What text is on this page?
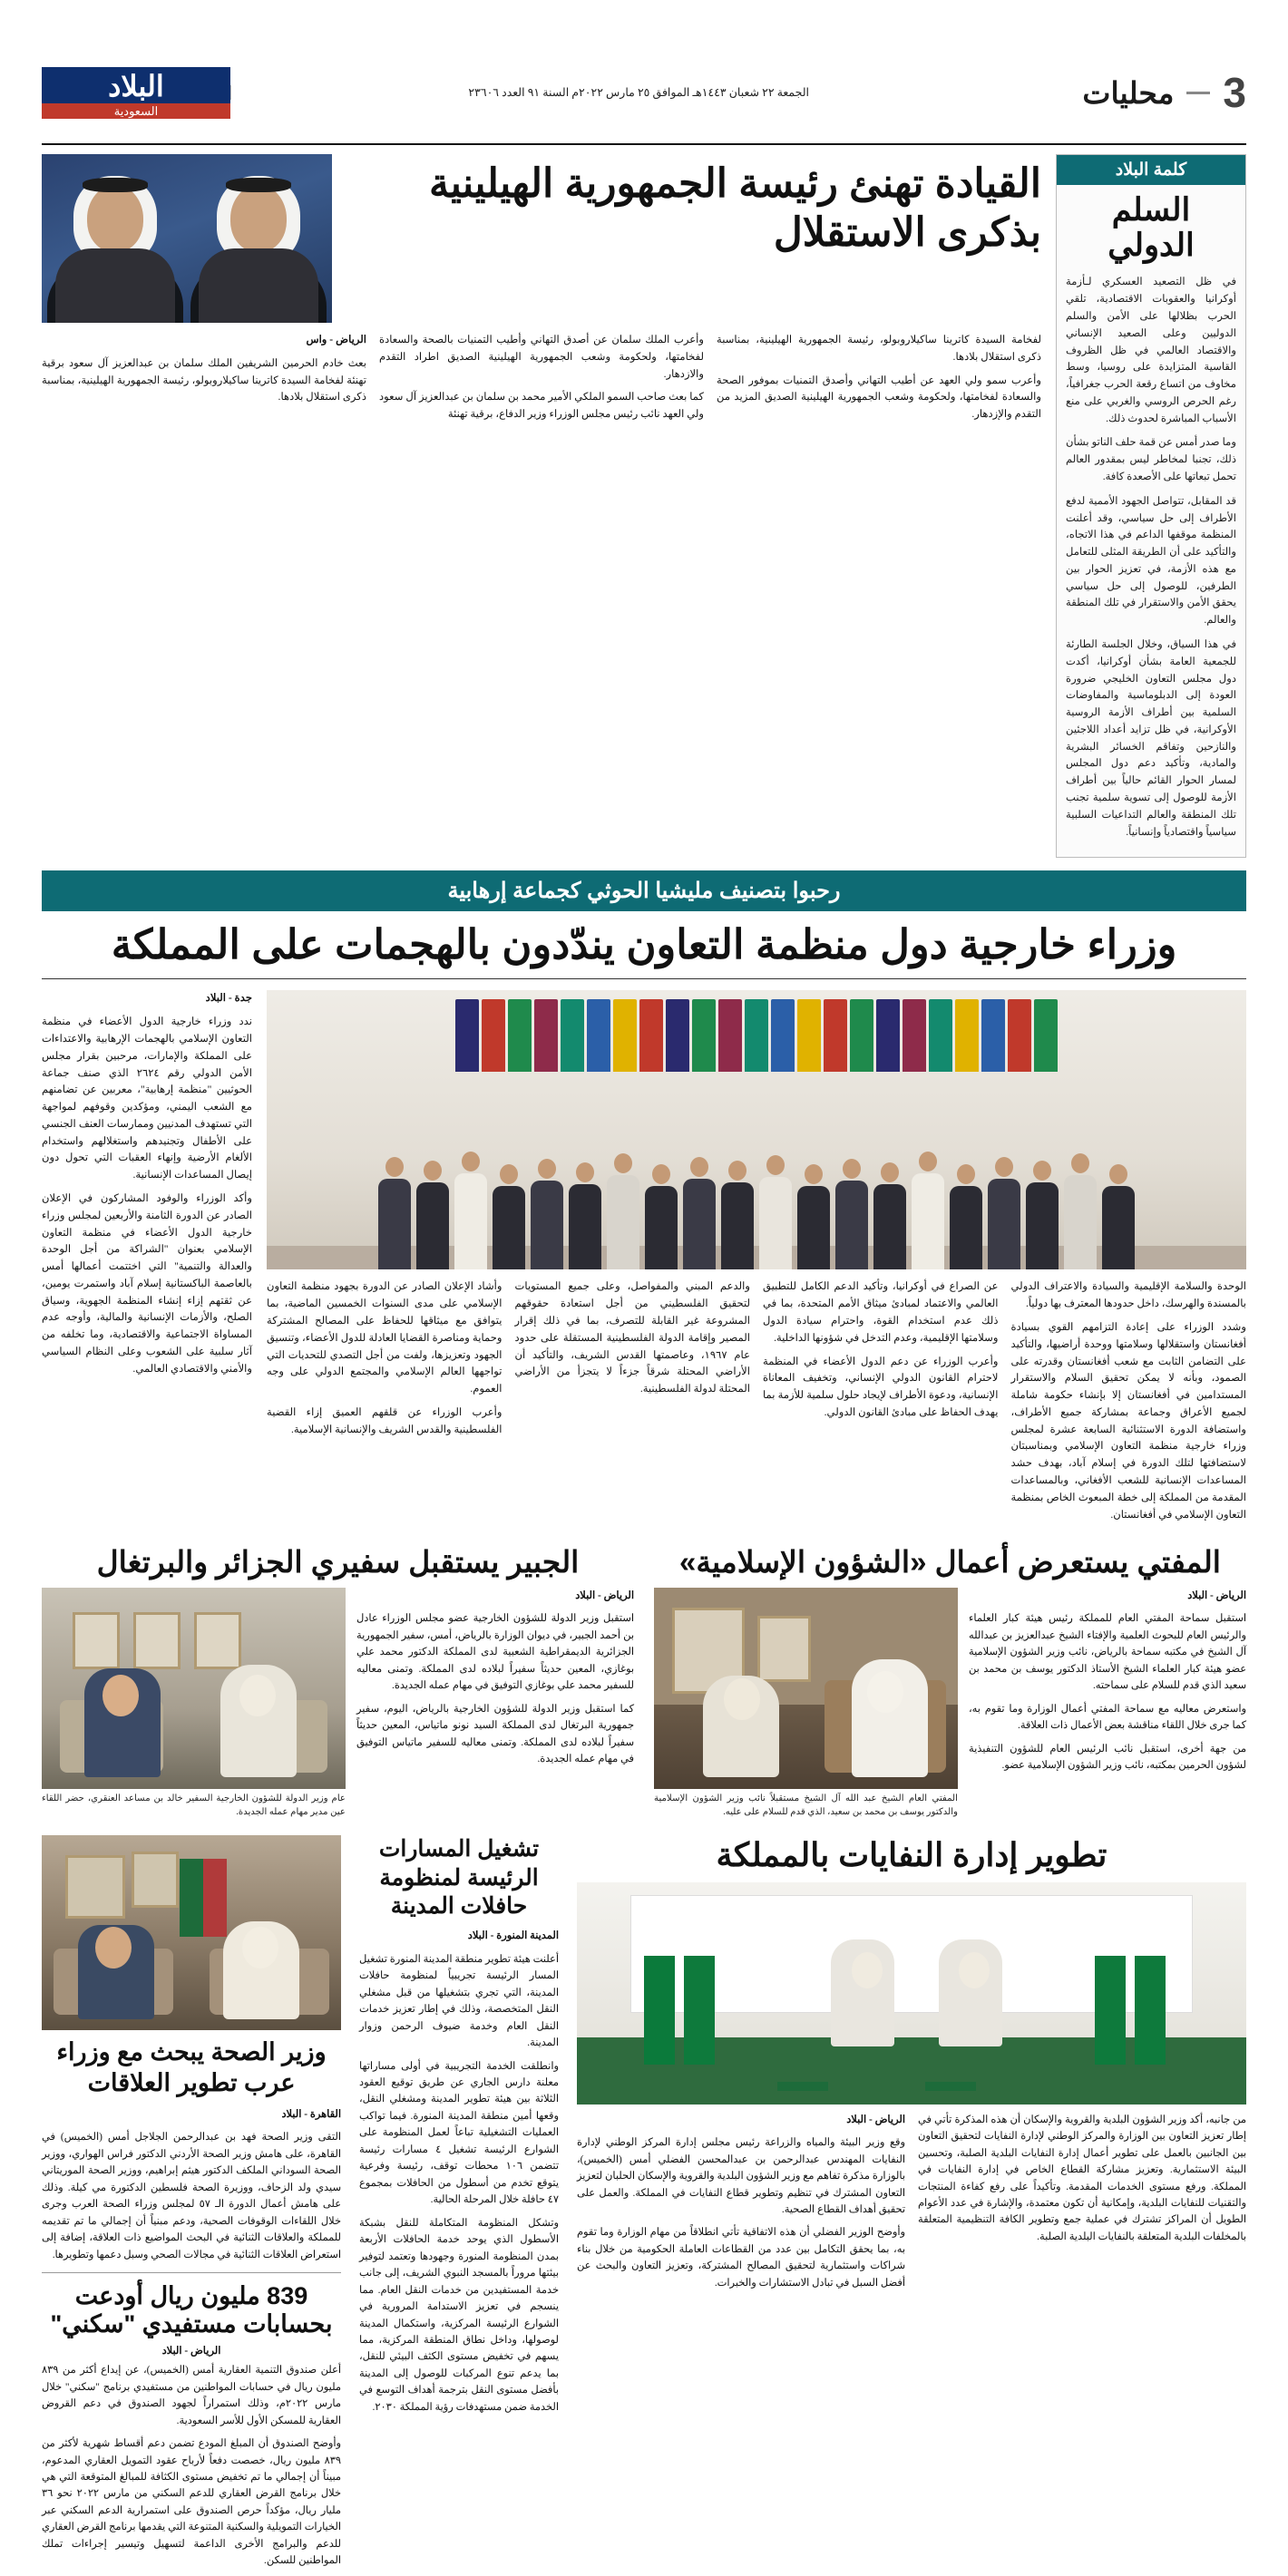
3
محليات
الجمعة ٢٢ شعبان ١٤٤٣هـ الموافق ٢٥ مارس ٢٠٢٢م السنة ٩١ العدد ٢٣٦٠٦
البلاد
السعودية
كلمة البلاد
السلم الدولي

في ظل التصعيد العسكري لـأزمة أوكرانيا والعقوبات الاقتصادية، تلقي الحرب بظلالها على الأمن والسلم الدوليين وعلى الصعيد الإنساني والاقتصاد العالمي في ظل الظروف القاسية المتزايدة على روسيا، وسط مخاوف من اتساع رقعة الحرب جغرافياً، رغم الحرص الروسي والغربي على منع الأسباب المباشرة لحدوث ذلك.

وما صدر أمس عن قمة حلف الناتو بشأن ذلك، تجنبا لمخاطر ليس بمقدور العالم تحمل تبعاتها على الأصعدة كافة.

قد المقابل، تتواصل الجهود الأممية لدفع الأطراف إلى حل سياسي، وقد أعلنت المنظمة موقفها الداعم في هذا الاتجاه، والتأكيد على أن الطريقة المثلى للتعامل مع هذه الأزمة، في تعزيز الحوار بين الطرفين، للوصول إلى حل سياسي يحقق الأمن والاستقرار في تلك المنطقة والعالم.

في هذا السياق، وخلال الجلسة الطارئة للجمعية العامة بشأن أوكرانيا، أكدت دول مجلس التعاون الخليجي ضرورة العودة إلى الدبلوماسية والمفاوضات السلمية بين أطراف الأزمة الروسية الأوكرانية، في ظل تزايد أعداد اللاجئين والنازحين وتفاقم الخسائر البشرية والمادية، وتأكيد دعم دول المجلس لمسار الحوار القائم حالياً بين أطراف الأزمة للوصول إلى تسوية سلمية تجنب تلك المنطقة والعالم التداعيات السلبية سياسياً واقتصادياً وإنسانياً.

القيادة تهنئ رئيسة الجمهورية الهيلينية بذكرى الاستقلال

لفخامة السيدة كاترينا ساكيلاروبولو، رئيسة الجمهورية الهيلينية، بمناسبة ذكرى استقلال بلادها.

وأعرب سمو ولي العهد عن أطيب التهاني وأصدق التمنيات بموفور الصحة والسعادة لفخامتها، ولحكومة وشعب الجمهورية الهيلينية الصديق المزيد من التقدم والإزدهار.

وأعرب الملك سلمان عن أصدق التهاني وأطيب التمنيات بالصحة والسعادة لفخامتها، ولحكومة وشعب الجمهورية الهيلينية الصديق اطراد التقدم والازدهار.

كما بعث صاحب السمو الملكي الأمير محمد بن سلمان بن عبدالعزيز آل سعود ولي العهد نائب رئيس مجلس الوزراء وزير الدفاع، برقية تهنئة

الرياض - واس

بعث خادم الحرمين الشريفين الملك سلمان بن عبدالعزيز آل سعود برقية تهنئة لفخامة السيدة كاترينا ساكيلاروبولو، رئيسة الجمهورية الهيلينية، بمناسبة ذكرى استقلال بلادها.

رحبوا بتصنيف مليشيا الحوثي كجماعة إرهابية
وزراء خارجية دول منظمة التعاون يندّدون بالهجمات على المملكة

الوحدة والسلامة الإقليمية والسيادة والاعتراف الدولي بالمسندة والهرسك، داخل حدودها المعترف بها دولياً.

وشدد الوزراء على إعادة التزامهم القوي بسيادة أفغانستان واستقلالها وسلامتها ووحدة أراضيها، والتأكيد على التضامن الثابت مع شعب أفغانستان وقدرته على الصمود، وبأنه لا يمكن تحقيق السلام والاستقرار المستدامين في أفغانستان إلا بإنشاء حكومة شاملة لجميع الأعراق وجماعة بمشاركة جميع الأطراف، واستضافة الدورة الاستثنائية السابعة عشرة لمجلس وزراء خارجية منظمة التعاون الإسلامي وبمناسبتان لاستضافتها لتلك الدورة في إسلام آباد، بهدف حشد المساعدات الإنسانية للشعب الأفغاني، وبالمساعدات المقدمة من المملكة إلى خطة المبعوث الخاص بمنظمة التعاون الإسلامي في أفغانستان.

عن الصراع في أوكرانيا، وتأكيد الدعم الكامل للتطبيق العالمي والاعتماد لمبادئ ميثاق الأمم المتحدة، بما في ذلك عدم استخدام القوة، واحترام سيادة الدول وسلامتها الإقليمية، وعدم التدخل في شؤونها الداخلية.

وأعرب الوزراء عن دعم الدول الأعضاء في المنظمة لاحترام القانون الدولي الإنساني، وتخفيف المعاناة الإنسانية، ودعوة الأطراف لإيجاد حلول سلمية للأزمة بما يهدف الحفاظ على مبادئ القانون الدولي.

والدعم المبني والمفواصل، وعلى جميع المستويات لتحقيق الفلسطيني من أجل استعادة حقوقهم المشروعة غير القابلة للتصرف، بما في ذلك إقرار المصير وإقامة الدولة الفلسطينية المستقلة على حدود عام ١٩٦٧، وعاصمتها القدس الشريف، والتأكيد أن الأراضي المحتلة شرقاً جزءاً لا يتجزأ من الأراضي المحتلة لدولة الفلسطينية.

وأشاد الإعلان الصادر عن الدورة بجهود منظمة التعاون الإسلامي على مدى السنوات الخمسين الماضية، بما يتوافق مع ميثاقها للحفاظ على المصالح المشتركة وحماية ومناصرة القضايا العادلة للدول الأعضاء، وتنسيق الجهود وتعزيزها، ولفت من أجل التصدي للتحديات التي تواجهها العالم الإسلامي والمجتمع الدولي على وجه العموم.

وأعرب الوزراء عن قلقهم العميق إزاء القضية الفلسطينية والقدس الشريف والإنسانية الإسلامية.

جدة - البلاد

ندد وزراء خارجية الدول الأعضاء في منظمة التعاون الإسلامي بالهجمات الإرهابية والاعتداءات على المملكة والإمارات، مرحبين بقرار مجلس الأمن الدولي رقم ٢٦٢٤ الذي صنف جماعة الحوثيين "منظمة إرهابية"، معربين عن تضامنهم مع الشعب اليمني، ومؤكدين وقوفهم لمواجهة التي تستهدف المدنيين وممارسات العنف الجنسي على الأطفال وتجنيدهم واستغلالهم واستخدام الألغام الأرضية وإنهاء العقبات التي تحول دون إيصال المساعدات الإنسانية.

وأكد الوزراء والوفود المشاركون في الإعلان الصادر عن الدورة الثامنة والأربعين لمجلس وزراء خارجية الدول الأعضاء في منظمة التعاون الإسلامي بعنوان "الشراكة من أجل الوحدة والعدالة والتنمية" التي اختتمت أعمالها أمس بالعاصمة الباكستانية إسلام آباد واستمرت يومين، عن ثقتهم إزاء إنشاء المنظمة الجهوية، وسياق الصلح، والأزمات الإنسانية والمالية، وأوجه عدم المساواة الاجتماعية والاقتصادية، وما تخلفه من آثار سلبية على الشعوب وعلى النظام السياسي والأمني والاقتصادي العالمي.

المفتي يستعرض أعمال «الشؤون الإسلامية»

الرياض - البلاد

استقبل سماحة المفتي العام للمملكة رئيس هيئة كبار العلماء والرئيس العام للبحوث العلمية والإفتاء الشيخ عبدالعزيز بن عبدالله آل الشيخ في مكتبه سماحة بالرياض، نائب وزير الشؤون الإسلامية عضو هيئة كبار العلماء الشيخ الأستاذ الدكتور يوسف بن محمد بن سعيد الذي قدم للسلام على سماحته.

واستعرض معاليه مع سماحة المفتي أعمال الوزارة وما تقوم به، كما جرى خلال اللقاء مناقشة بعض الأعمال ذات العلاقة.

من جهة أخرى، استقبل نائب الرئيس العام للشؤون التنفيذية لشؤون الحرمين بمكتبه، نائب وزير الشؤون الإسلامية عضو.

المفتي العام الشيخ عبد الله آل الشيخ مستقبلاً نائب وزير الشؤون الإسلامية والدكتور يوسف بن محمد بن سعيد، الذي قدم للسلام على عليه.
الجبير يستقبل سفيري الجزائر والبرتغال

الرياض - البلاد

استقبل وزير الدولة للشؤون الخارجية عضو مجلس الوزراء عادل بن أحمد الجبير، في ديوان الوزارة بالرياض، أمس، سفير الجمهورية الجزائرية الديمقراطية الشعبية لدى المملكة الدكتور محمد علي بوغازي، المعين حديثاً سفيراً لبلاده لدى المملكة. وتمنى معاليه للسفير محمد علي بوغازي التوفيق في مهام عمله الجديدة.

كما استقبل وزير الدولة للشؤون الخارجية بالرياض، اليوم، سفير جمهورية البرتغال لدى المملكة السيد نونو ماتياس، المعين حديثاً سفيراً لبلاده لدى المملكة. وتمنى معاليه للسفير ماتياس التوفيق في مهام عمله الجديدة.

عام وزير الدولة للشؤون الخارجية السفير خالد بن مساعد العنقري، حضر اللقاء عين مدير مهام عمله الجديدة.
تطوير إدارة النفايات بالمملكة

من جانبه، أكد وزير الشؤون البلدية والقروية والإسكان أن هذه المذكرة تأتي في إطار تعزيز التعاون بين الوزارة والمركز الوطني لإدارة النفايات لتحقيق التعاون بين الجانبين بالعمل على تطوير أعمال إدارة النفايات البلدية الصلبة، وتحسين البيئة الاستثمارية. وتعزيز مشاركة القطاع الخاص في إدارة النفايات في المملكة. ورفع مستوى الخدمات المقدمة. وتأكيداً على رفع كفاءة المنتجات والتقنيات للنفايات البلدية، وإمكانية أن تكون معتمدة، والإشارة في عدد الأعوام الطويل أن المراكز تشترك في عملية جمع وتطوير الكافة التنظيمية المتعلقة بالمخلفات البلدية المتعلقة بالنفايات البلدية الصلبة.

الرياض - البلاد

وقع وزير البيئة والمياه والزراعة رئيس مجلس إدارة المركز الوطني لإدارة النفايات المهندس عبدالرحمن بن عبدالمحسن الفضلي أمس (الخميس)، بالوزارة مذكرة تفاهم مع وزير الشؤون البلدية والقروية والإسكان الحلبان لتعزيز التعاون المشترك في تنظيم وتطوير قطاع النفايات في المملكة. والعمل على تحقيق أهداف القطاع الصحية.

وأوضح الوزير الفضلي أن هذه الاتفاقية تأتي انطلاقاً من مهام الوزارة وما تقوم به، بما يحقق التكامل بين عدد من القطاعات العاملة الحكومية من خلال بناء شراكات واستثمارية لتحقيق المصالح المشتركة، وتعزيز التعاون والبحث عن أفضل السبل في تبادل الاستشارات والخبرات.

تشغيل المسارات الرئيسة لمنظومة حافلات المدينة

المدينة المنورة - البلاد

أعلنت هيئة تطوير منطقة المدينة المنورة تشغيل المسار الرئيسة تجريبياً لمنظومة حافلات المدينة، التي تجري بتشغيلها من قبل مشغلي النقل المتخصصة، وذلك في إطار تعزيز خدمات النقل العام وخدمة ضيوف الرحمن وزوار المدينة.

وانطلقت الخدمة التجريبية في أولى مساراتها معلنة دارس الجاري عن طريق توقيع العقود الثلاثة بين هيئة تطوير المدينة ومشغلي النقل، وقعها أمين منطقة المدينة المنورة. فيما تواكب العمليات التشغيلية تباعاً لعمل المنظومة على الشوارع الرئيسة تشغيل ٤ مسارات رئيسة تتضمن ١٠٦ محطات توقف، رئيسة وفرعية يتوقع تخدم من أسطول من الحافلات بمجموع ٤٧ حافلة خلال المرحلة الحالية.

وتشكل المنظومة المتكاملة للنقل بشبكة الأسطول الذي يوحد خدمة الحافلات الأربعة بمدن المنظومة المنورة وجهودها وتعتمد لتوفير بيئتها مروراً بالمسجد النبوي الشريف، إلى جانب خدمة المستفيدين من خدمات النقل العام. مما ينسجم في تعزيز الاستدامة المرورية في الشوارع الرئيسة المركزية، واستكمال المدينة لوصولها، وداخل نطاق المنطقة المركزية، مما يسهم في تخفيض مستوى الكثف البيئي للنقل، بما يدعم تنوع المركبات للوصول إلى المدينة بأفضل مستوى النقل بترجمة أهداف التوسع في الخدمة ضمن مستهدفات رؤية المملكة ٢٠٣٠.

وزير الصحة يبحث مع وزراء عرب تطوير العلاقات

القاهرة - البلاد

التقى وزير الصحة فهد بن عبدالرحمن الجلاجل أمس (الخميس) في القاهرة، على هامش وزير الصحة الأردني الدكتور فراس الهواري، ووزير الصحة السوداني الملكف الدكتور هيثم إبراهيم، ووزير الصحة الموريتاني سيدي ولد الزحاف، ووزيرة الصحة فلسطين الدكتورة مي كيلة. وذلك على هامش أعمال الدورة الـ ٥٧ لمجلس وزراء الصحة العرب وجرى خلال اللقاءات الوقوفات الصحية، ودعم مبنياً أن إجمالي ما تم تقديمه للمملكة والعلاقات الثنائية في البحث المواضيع ذات العلاقة، إضافة إلى استعراض العلاقات الثنائية في مجالات الصحي وسبل دعمها وتطويرها.

839 مليون ريال أودعت بحسابات مستفيدي "سكني"
الرياض - البلاد

أعلن صندوق التنمية العقارية أمس (الخميس)، عن إيداع أكثر من ٨٣٩ مليون ريال في حسابات المواطنين من مستفيدي برنامج "سكني" خلال مارس ٢٠٢٢م، وذلك استمراراً لجهود الصندوق في دعم القروض العقارية للمسكن الأول للأسر السعودية.

وأوضح الصندوق أن المبلغ المودع تضمن دعم أقساط شهرية لأكثر من ٨٣٩ مليون ريال، خصصت دفعاً لأرباح عقود التمويل العقاري المدعوم، مبيناً أن إجمالي ما تم تخفيض مستوى الكثافة للمبالغ المتوقعة التي هي خلال برنامج القرض العقاري للدعم السكني من مارس ٢٠٢٢ نحو ٣٦ مليار ريال، مؤكداً حرص الصندوق على استمرارية الدعم السكني عبر الخيارات التمويلية والسكنية المتنوعة التي يقدمها برنامج القرض العقاري للدعم والبرامج الأخرى الداعمة لتسهيل وتيسير إجراءات تملك المواطنين للسكن.
